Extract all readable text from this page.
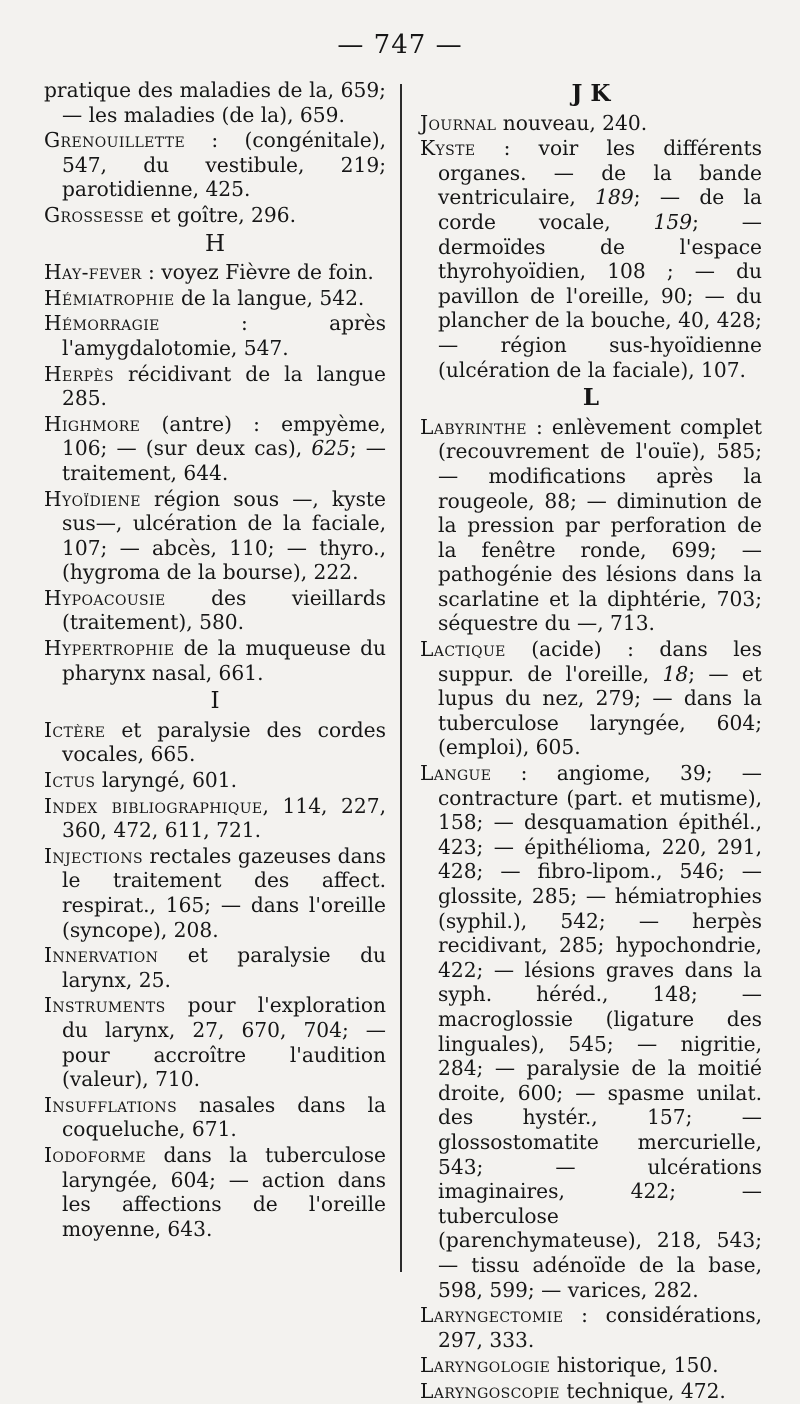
— 747 —

pratique des maladies de la, 659; — les maladies (de la), 659.

Grenouillette : (congénitale), 547, du vestibule, 219; parotidienne, 425.

Grossesse et goître, 296.

H

Hay-fever : voyez Fièvre de foin.

Hémiatrophie de la langue, 542.

Hémorragie : après l'amygdalotomie, 547.

Herpès récidivant de la langue 285.

Highmore (antre) : empyème, 106; — (sur deux cas), 625; — traitement, 644.

Hyoïdiene région sous —, kyste sus—, ulcération de la faciale, 107; — abcès, 110; — thyro., (hygroma de la bourse), 222.

Hypoacousie des vieillards (traitement), 580.

Hypertrophie de la muqueuse du pharynx nasal, 661.

I

Ictère et paralysie des cordes vocales, 665.

Ictus laryngé, 601.

Index bibliographique, 114, 227, 360, 472, 611, 721.

Injections rectales gazeuses dans le traitement des affect. respirat., 165; — dans l'oreille (syncope), 208.

Innervation et paralysie du larynx, 25.

Instruments pour l'exploration du larynx, 27, 670, 704; — pour accroître l'audition (valeur), 710.

Insufflations nasales dans la coqueluche, 671.

Iodoforme dans la tuberculose laryngée, 604; — action dans les affections de l'oreille moyenne, 643.

J K

Journal nouveau, 240.

Kyste : voir les différents organes. — de la bande ventriculaire, 189; — de la corde vocale, 159; — dermoïdes de l'espace thyrohyoïdien, 108 ; — du pavillon de l'oreille, 90; — du plancher de la bouche, 40, 428; — région sus-hyoïdienne (ulcération de la faciale), 107.

L

Labyrinthe : enlèvement complet (recouvrement de l'ouïe), 585; — modifications après la rougeole, 88; — diminution de la pression par perforation de la fenêtre ronde, 699; — pathogénie des lésions dans la scarlatine et la diphtérie, 703; séquestre du —, 713.

Lactique (acide) : dans les suppur. de l'oreille, 18; — et lupus du nez, 279; — dans la tuberculose laryngée, 604; (emploi), 605.

Langue : angiome, 39; — contracture (part. et mutisme), 158; — desquamation épithél., 423; — épithélioma, 220, 291, 428; — fibro-lipom., 546; — glossite, 285; — hémiatrophies (syphil.), 542; — herpès recidivant, 285; hypochondrie, 422; — lésions graves dans la syph. héréd., 148; — macroglossie (ligature des linguales), 545; — nigritie, 284; — paralysie de la moitié droite, 600; — spasme unilat. des hystér., 157; — glossostomatite mercurielle, 543; — ulcérations imaginaires, 422; — tuberculose (parenchymateuse), 218, 543; — tissu adénoïde de la base, 598, 599; — varices, 282.

Laryngectomie : considérations, 297, 333.

Laryngologie historique, 150.

Laryngoscopie technique, 472.
